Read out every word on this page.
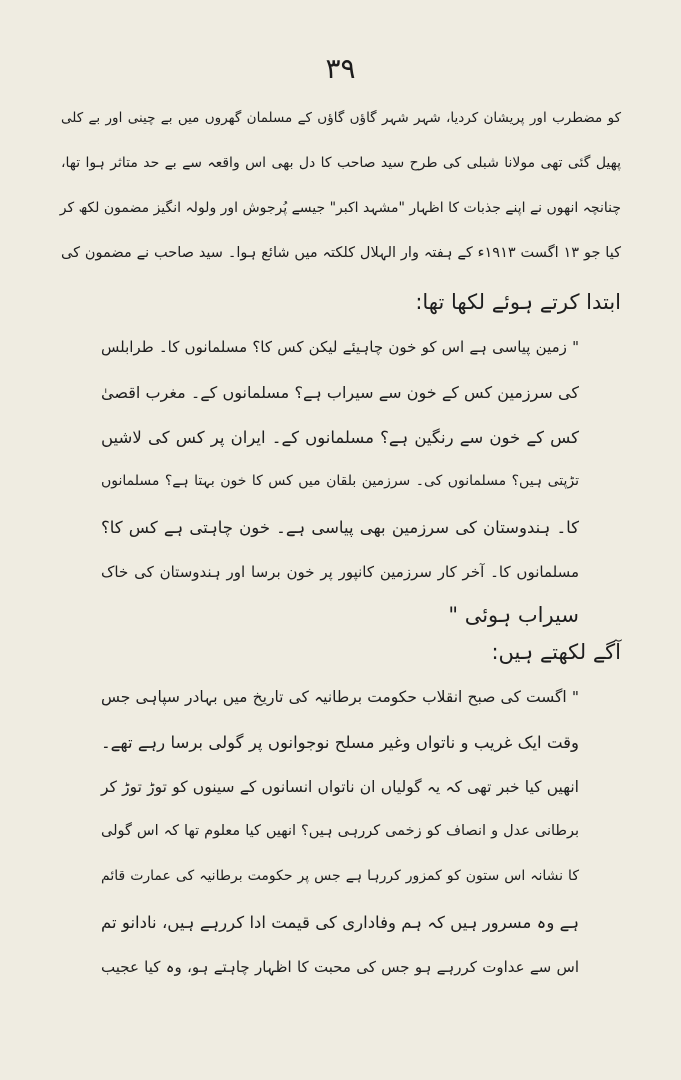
۳۹
کو مضطرب اور پریشان کردیا، شہر شہر گاؤں گاؤں کے مسلمان گھروں میں بے چینی اور بے کلی
پھیل گئی تھی مولانا شبلی کی طرح سید صاحب کا دل بھی اس واقعہ سے بے حد متاثر ہوا تھا،
چنانچہ انھوں نے اپنے جذبات کا اظہار "مشہد اکبر" جیسے پُرجوش اور ولولہ انگیز مضمون لکھ کر
کیا جو ۱۳ اگست ۱۹۱۳ء کے ہفتہ وار الہلال کلکتہ میں شائع ہوا۔ سید صاحب نے مضمون کی
ابتدا کرتے ہوئے لکھا تھا:
" زمین پیاسی ہے اس کو خون چاہیئے لیکن کس کا؟ مسلمانوں کا۔ طرابلس
کی سرزمین کس کے خون سے سیراب ہے؟ مسلمانوں کے۔ مغرب اقصیٰ
کس کے خون سے رنگین ہے؟ مسلمانوں کے۔ ایران پر کس کی لاشیں
تڑپتی ہیں؟ مسلمانوں کی۔ سرزمین بلقان میں کس کا خون بہتا ہے؟ مسلمانوں
کا۔ ہندوستان کی سرزمین بھی پیاسی ہے۔ خون چاہتی ہے کس کا؟
مسلمانوں کا۔ آخر کار سرزمین کانپور پر خون برسا اور ہندوستان کی خاک
سیراب ہوئی "
آگے لکھتے ہیں:
" اگست کی صبح انقلاب حکومت برطانیہ کی تاریخ میں بہادر سپاہی جس
وقت ایک غریب و ناتواں وغیر مسلح نوجوانوں پر گولی برسا رہے تھے۔
انھیں کیا خبر تھی کہ یہ گولیاں ان ناتواں انسانوں کے سینوں کو توڑ توڑ کر
برطانی عدل و انصاف کو زخمی کررہی ہیں؟ انھیں کیا معلوم تھا کہ اس گولی
کا نشانہ اس ستون کو کمزور کررہا ہے جس پر حکومت برطانیہ کی عمارت قائم
ہے وہ مسرور ہیں کہ ہم وفاداری کی قیمت ادا کررہے ہیں، نادانو تم
اس سے عداوت کررہے ہو جس کی محبت کا اظہار چاہتے ہو، وہ کیا عجیب
